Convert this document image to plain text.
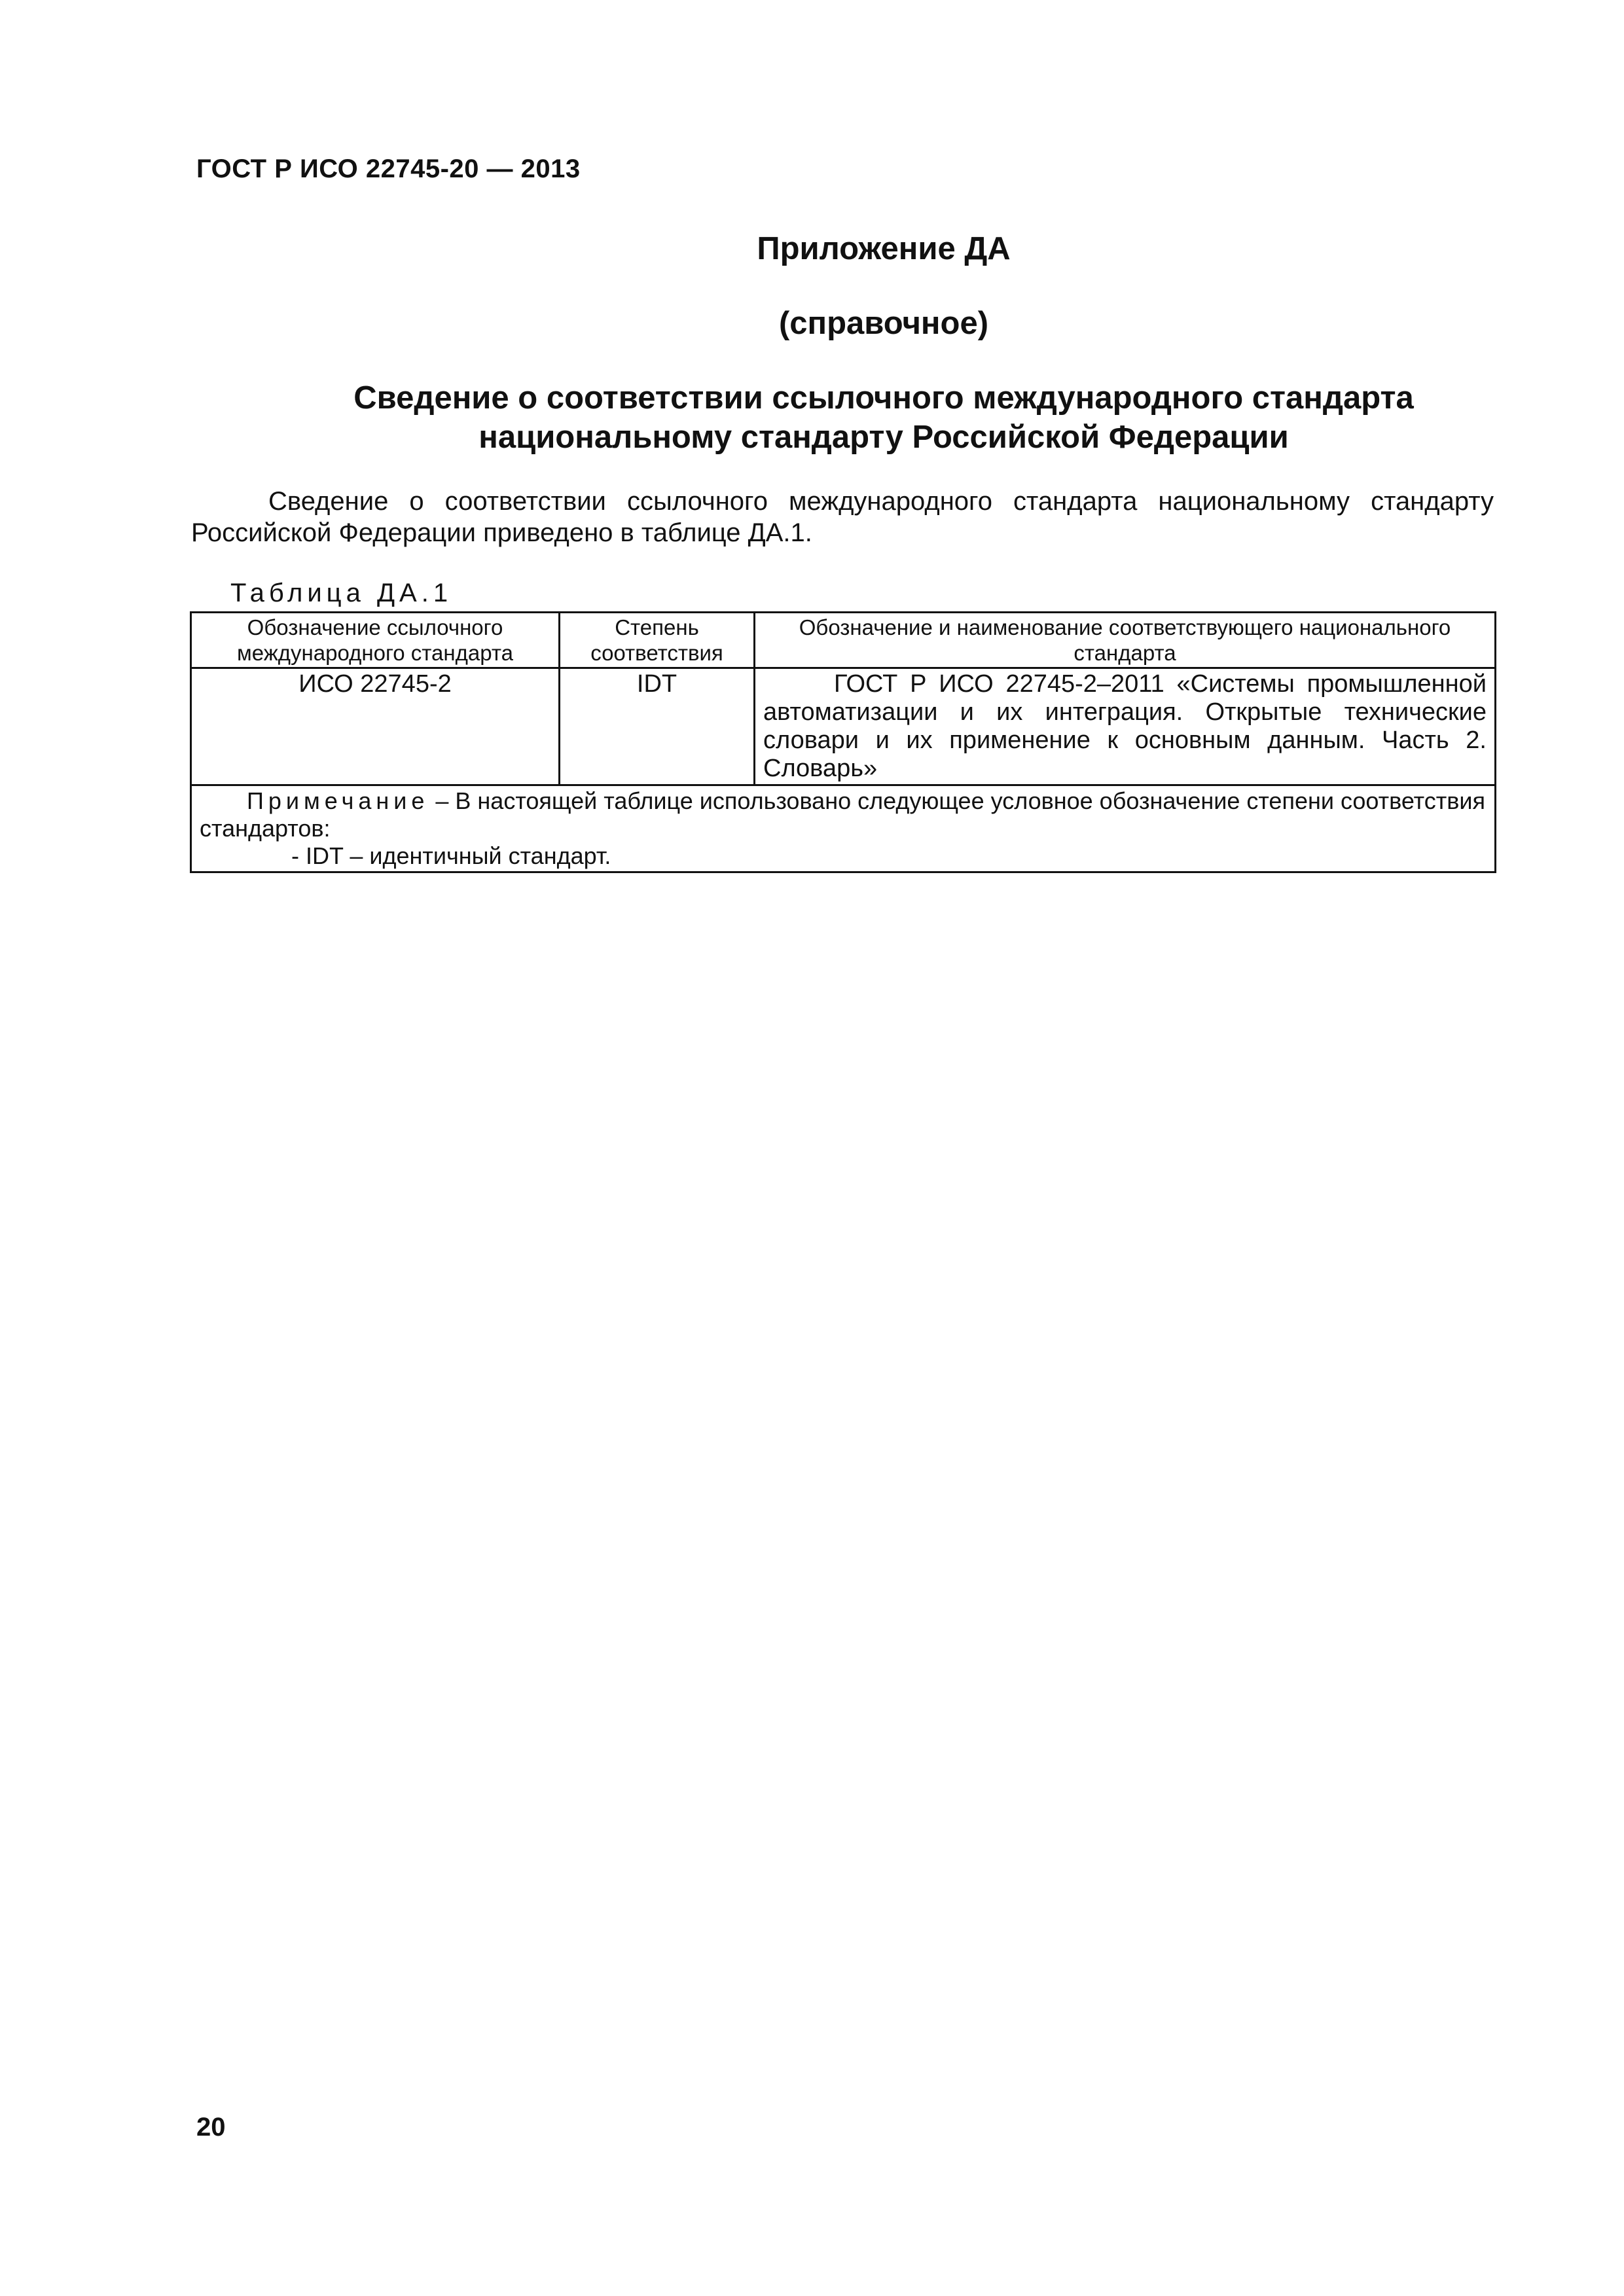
ГОСТ Р ИСО 22745-20 — 2013
Приложение ДА
(справочное)
Сведение о соответствии ссылочного международного стандарта
национальному стандарту Российской Федерации
Сведение о соответствии ссылочного международного стандарта национальному стандарту Российской Федерации приведено в таблице ДА.1.
Таблица ДА.1
Обозначение ссылочного международного стандарта	Степень соответствия	Обозначение и наименование соответствующего национального стандарта
ИСО 22745-2	IDT	ГОСТ Р ИСО 22745-2–2011 «Системы промышленной автоматизации и их интеграция. Открытые технические словари и их применение к основным данным. Часть 2. Словарь»

Примечание – В настоящей таблице использовано следующее условное обозначение степени соответствия стандартов:
- IDT – идентичный стандарт.		
20
